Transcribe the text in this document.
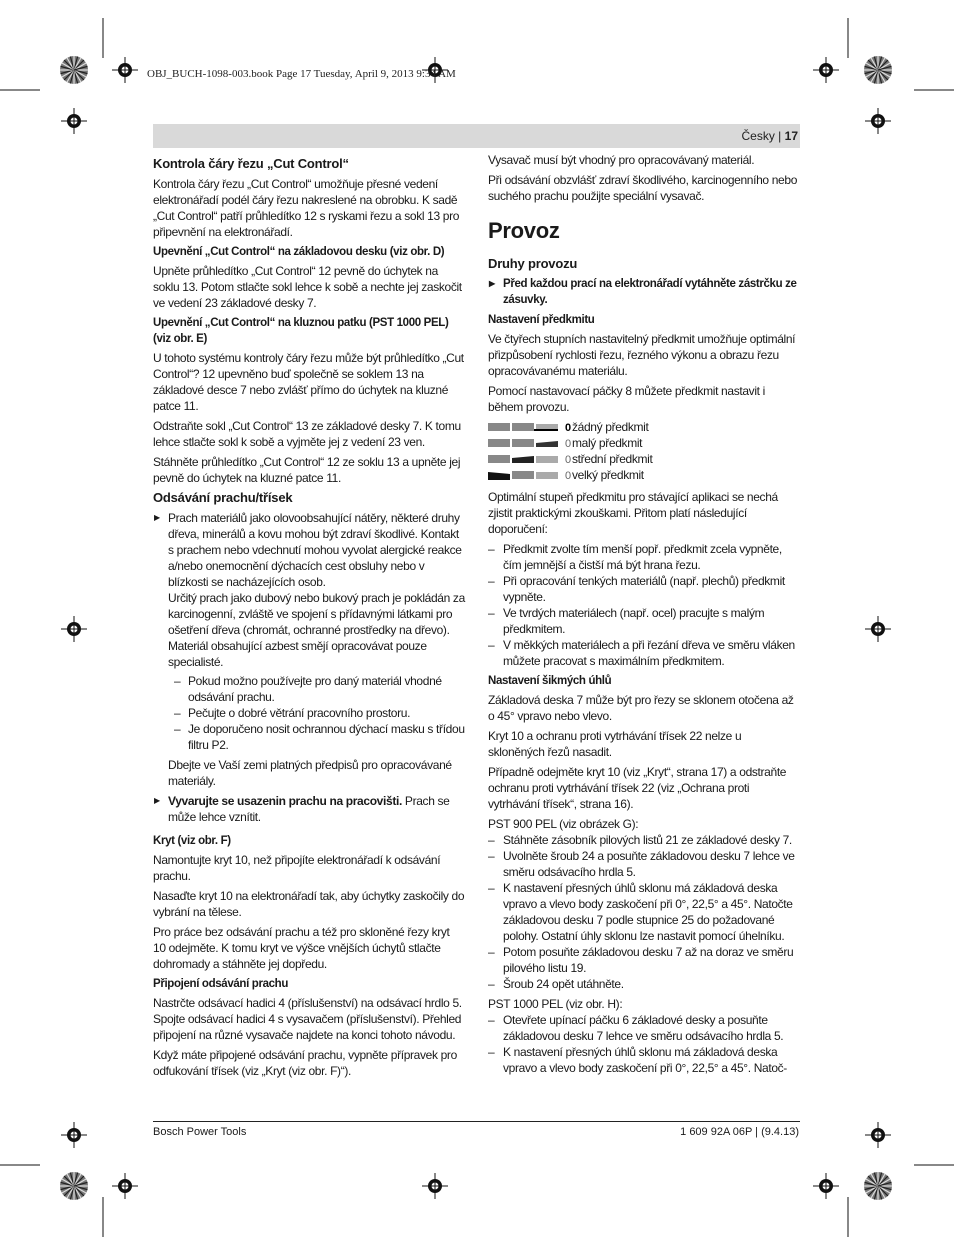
OBJ_BUCH-1098-003.book Page 17 Tuesday, April 9, 2013 9:34 AM
Česky | 17
Kontrola čáry řezu „Cut Control“

Kontrola čáry řezu „Cut Control“ umožňuje přesné vedení elektronářadí podél čáry řezu nakreslené na obrobku. K sadě „Cut Control“ patří průhledítko 12 s ryskami řezu a sokl 13 pro připevnění na elektronářadí.

Upevnění „Cut Control“ na základovou desku (viz obr. D)

Upněte průhledítko „Cut Control“ 12 pevně do úchytek na soklu 13. Potom stlačte sokl lehce k sobě a nechte jej zaskočit ve vedení 23 základové desky 7.

Upevnění „Cut Control“ na kluznou patku (PST 1000 PEL) (viz obr. E)

U tohoto systému kontroly čáry řezu může být průhledítko „Cut Control“? 12 upevněno buď společně se soklem 13 na základové desce 7 nebo zvlášť přímo do úchytek na kluzné patce 11.

Odstraňte sokl „Cut Control“ 13 ze základové desky 7. K tomu lehce stlačte sokl k sobě a vyjměte jej z vedení 23 ven.

Stáhněte průhledítko „Cut Control“ 12 ze soklu 13 a upněte jej pevně do úchytek na kluzné patce 11.

Odsávání prachu/třísek
▶ Prach materiálů jako olovoobsahující nátěry, některé druhy dřeva, minerálů a kovu mohou být zdraví škodlivé. Kontakt s prachem nebo vdechnutí mohou vyvolat alergické reakce a/nebo onemocnění dýchacích cest obsluhy nebo v blízkosti se nacházejících osob.

Určitý prach jako dubový nebo bukový prach je pokládán za karcinogenní, zvláště ve spojení s přídavnými látkami pro ošetření dřeva (chromát, ochranné prostředky na dřevo). Materiál obsahující azbest smějí opracovávat pouze specialisté.

– Pokud možno používejte pro daný materiál vhodné odsávání prachu.
– Pečujte o dobré větrání pracovního prostoru.
– Je doporučeno nosit ochrannou dýchací masku s třídou filtru P2.

Dbejte ve Vaší zemi platných předpisů pro opracovávané materiály.

▶ Vyvarujte se usazenin prachu na pracovišti. Prach se může lehce vznítit.
Kryt (viz obr. F)

Namontujte kryt 10, než připojíte elektronářadí k odsávání prachu.

Nasaďte kryt 10 na elektronářadí tak, aby úchytky zaskočily do vybrání na tělese.

Pro práce bez odsávání prachu a též pro skloněné řezy kryt 10 odejměte. K tomu kryt ve výšce vnějších úchytů stlačte dohromady a stáhněte jej dopředu.

Připojení odsávání prachu

Nastrčte odsávací hadici 4 (příslušenství) na odsávací hrdlo 5. Spojte odsávací hadici 4 s vysavačem (příslušenství). Přehled připojení na různé vysavače najdete na konci tohoto návodu.

Když máte připojené odsávání prachu, vypněte přípravek pro odfukování třísek (viz „Kryt (viz obr. F)“).

Vysavač musí být vhodný pro opracovávaný materiál.

Při odsávání obzvlášť zdraví škodlivého, karcinogenního nebo suchého prachu použijte speciální vysavač.

Provoz
Druhy provozu
▶ Před každou prací na elektronářadí vytáhněte zástrčku ze zásuvky.
Nastavení předkmitu

Ve čtyřech stupních nastavitelný předkmit umožňuje optimální přizpůsobení rychlosti řezu, řezného výkonu a obrazu řezu opracovávanému materiálu.

Pomocí nastavovací páčky 8 můžete předkmit nastavit i během provozu.

0 žádný předkmit
0 malý předkmit
0 střední předkmit
0 velký předkmit

Optimální stupeň předkmitu pro stávající aplikaci se nechá zjistit praktickými zkouškami. Přitom platí následující doporučení:

– Předkmit zvolte tím menší popř. předkmit zcela vypněte, čím jemnější a čistší má být hrana řezu.
– Při opracování tenkých materiálů (např. plechů) předkmit vypněte.
– Ve tvrdých materiálech (např. ocel) pracujte s malým předkmitem.
– V měkkých materiálech a při řezání dřeva ve směru vláken můžete pracovat s maximálním předkmitem.
Nastavení šikmých úhlů

Základová deska 7 může být pro řezy se sklonem otočena až o 45° vpravo nebo vlevo.

Kryt 10 a ochranu proti vytrhávání třísek 22 nelze u skloněných řezů nasadit.

Případně odejměte kryt 10 (viz „Kryt“, strana 17) a odstraňte ochranu proti vytrhávání třísek 22 (viz „Ochrana proti vytrhávání třísek“, strana 16).

PST 900 PEL (viz obrázek G):

– Stáhněte zásobník pilových listů 21 ze základové desky 7.
– Uvolněte šroub 24 a posuňte základovou desku 7 lehce ve směru odsávacího hrdla 5.
– K nastavení přesných úhlů sklonu má základová deska vpravo a vlevo body zaskočení při 0°, 22,5° a 45°. Natočte základovou desku 7 podle stupnice 25 do požadované polohy. Ostatní úhly sklonu lze nastavit pomocí úhelníku.
– Potom posuňte základovou desku 7 až na doraz ve směru pilového listu 19.
– Šroub 24 opět utáhněte.

PST 1000 PEL (viz obr. H):

– Otevřete upínací páčku 6 základové desky a posuňte základovou desku 7 lehce ve směru odsávacího hrdla 5.
– K nastavení přesných úhlů sklonu má základová deska vpravo a vlevo body zaskočení při 0°, 22,5° a 45°. Natoč-
Bosch Power Tools	1 609 92A 06P | (9.4.13)
